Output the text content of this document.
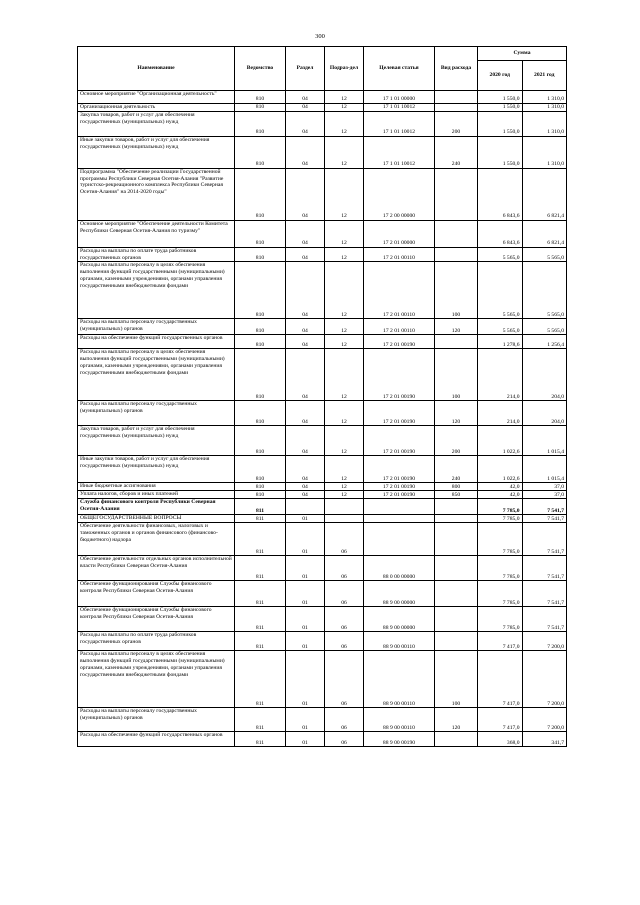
300
Наименование	Ведомство	Раздел	Подраз-дел	Целевая статья	Вид расхода	Сумма	
						2020 год	2021 год
Основное мероприятие "Организационная деятельность"	810	04	12	17 1 01 00000		1 550,0	1 310,0
Организационная деятельность	810	04	12	17 1 01 10012		1 550,0	1 310,0
Закупка товаров, работ и услуг для обеспечения государственных (муниципальных) нужд	810	04	12	17 1 01 10012	200	1 550,0	1 310,0
Иные закупки товаров, работ и услуг для обеспечения государственных (муниципальных) нужд	810	04	12	17 1 01 10012	240	1 550,0	1 310,0
Подпрограмма "Обеспечение реализации Государственной программы Республики Северная Осетия-Алания "Развитие туристско-рекреационного комплекса Республики Северная Осетия-Алания" на 2014-2020 годы"	810	04	12	17 2 00 00000		6 843,6	6 821,4
Основное мероприятие "Обеспечение деятельности Комитета Республики Северная Осетия-Алания по туризму"	810	04	12	17 2 01 00000		6 843,6	6 821,4
Расходы на выплаты по оплате труда работников государственных органов	810	04	12	17 2 01 00110		5 565,0	5 565,0
Расходы на выплаты персоналу в целях обеспечения выполнения функций государственными (муниципальными) органами, казенными учреждениями, органами управления государственными внебюджетными фондами	810	04	12	17 2 01 00110	100	5 565,0	5 565,0
Расходы на выплаты персоналу государственных (муниципальных) органов	810	04	12	17 2 01 00110	120	5 565,0	5 565,0
Расходы на обеспечение функций государственных органов	810	04	12	17 2 01 00190		1 278,6	1 256,4
Расходы на выплаты персоналу в целях обеспечения выполнения функций государственными (муниципальными) органами, казенными учреждениями, органами управления государственными внебюджетными фондами	810	04	12	17 2 01 00190	100	214,0	204,0
Расходы на выплаты персоналу государственных (муниципальных) органов	810	04	12	17 2 01 00190	120	214,0	204,0
Закупка товаров, работ и услуг для обеспечения государственных (муниципальных) нужд	810	04	12	17 2 01 00190	200	1 022,6	1 015,4
Иные закупки товаров, работ и услуг для обеспечения государственных (муниципальных) нужд	810	04	12	17 2 01 00190	240	1 022,6	1 015,4
Иные бюджетные ассигнования	810	04	12	17 2 01 00190	800	42,0	37,0
Уплата налогов, сборов и иных платежей	810	04	12	17 2 01 00190	850	42,0	37,0
Служба финансового контроля Республики Северная Осетия-Алания	811					7 785,0	7 541,7
ОБЩЕГОСУДАРСТВЕННЫЕ ВОПРОСЫ	811	01				7 785,0	7 541,7
Обеспечение деятельности финансовых, налоговых и таможенных органов и органов финансового (финансово-бюджетного) надзора	811	01	06			7 785,0	7 541,7
Обеспечение деятельности отдельных органов исполнительной власти Республики Северная Осетия-Алания	811	01	06	88 0 00 00000		7 785,0	7 541,7
Обеспечение функционирования Службы финансового контроля Республики Северная Осетия-Алания	811	01	06	88 9 00 00000		7 785,0	7 541,7
Обеспечение функционирования Службы финансового контроля Республики Северная Осетия-Алания	811	01	06	88 9 00 00000		7 785,0	7 541,7
Расходы на выплаты по оплате труда работников государственных органов	811	01	06	88 9 00 00110		7 417,0	7 200,0
Расходы на выплаты персоналу в целях обеспечения выполнения функций государственными (муниципальными) органами, казенными учреждениями, органами управления государственными внебюджетными фондами	811	01	06	88 9 00 00110	100	7 417,0	7 200,0
Расходы на выплаты персоналу государственных (муниципальных) органов	811	01	06	88 9 00 00110	120	7 417,0	7 200,0
Расходы на обеспечение функций государственных органов	811	01	06	88 9 00 00190		368,0	341,7
